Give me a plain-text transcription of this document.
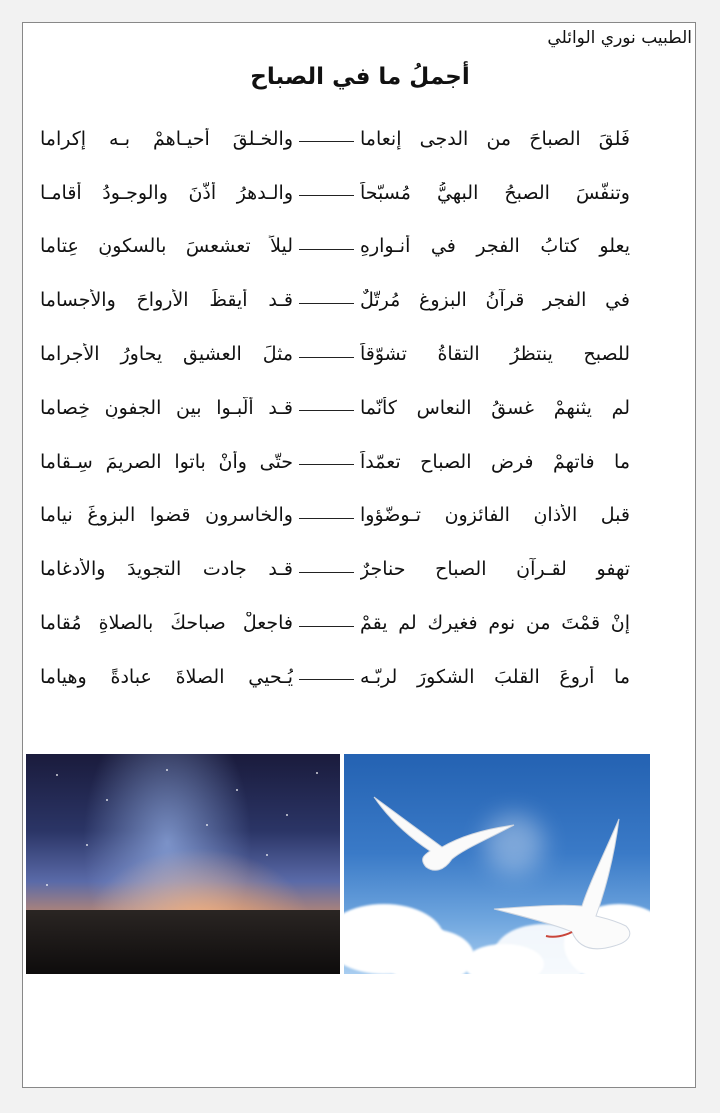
الطبيب نوري الوائلي
أجملُ ما في الصباح
فَلقَ الصباحَ من الدجى إنعاما
والخـلقَ أحيـاهمْ بـه إكراما
وتنفّسَ الصبحُ البهيُّ مُسبّحاً
والـدهرُ أذّنَ والوجـودُ أقامـا
يعلو كتابُ الفجرِ في أنـوارهِ
ليلاً تعشعسَ بالسكونِ عِتاما
في الفجرِ قرآنُ البزوغِ مُرتّلٌ
قـد أيقظَ الأرواحَ والأجساما
للصبحِ ينتظرُ التقاةُ تشوّقاً
مثلَ العشيقِ يحاورُ الأجراما
لم يثنهمْ غسقُ النعاسِ كأنّما
قـد ألّبـوا بين الجفونِ خِصاما
ما فاتهمْ فرض الصباحِ تعمّداً
حتّى وأنْ باتوا الصريمَ سِـقاما
قبل الأذانِ الفائزون تـوضّؤوا
والخاسرون قضوا البزوغَ نياما
تهفو لقـرآنِ الصباحِ حناجرٌ
قـد جادت التجويدَ والأدغاما
إنْ قمْتَ من نومٍ فغيرك لم يقمْ
فاجعلْ صباحكَ بالصلاةِ مُقاما
ما أروعَ القلبَ الشكورَ لربّـه
يُـحيي الصلاةَ عبادةً وهياما
